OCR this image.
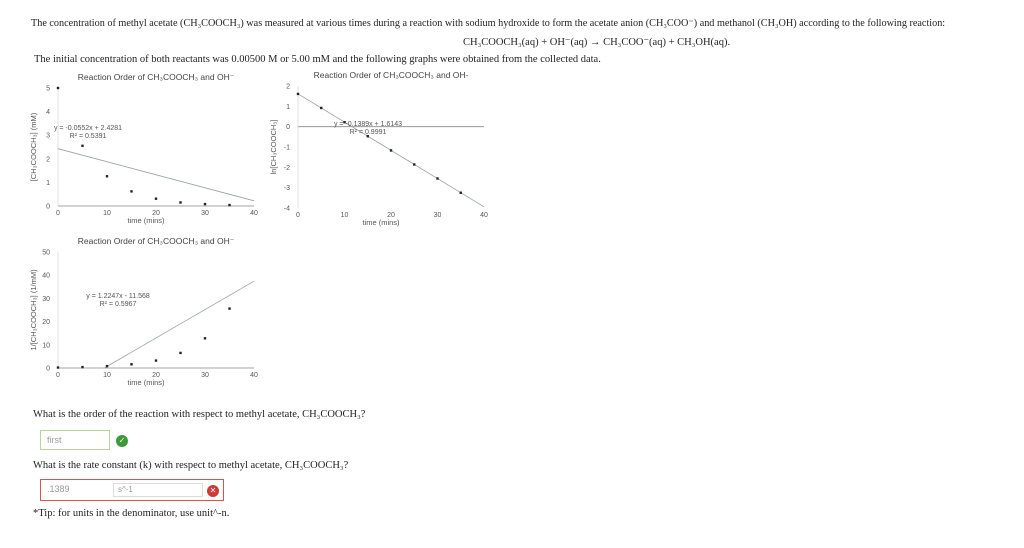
The concentration of methyl acetate (CH₃COOCH₃) was measured at various times during a reaction with sodium hydroxide to form the acetate anion (CH₃COO⁻) and methanol (CH₃OH) according to the following reaction:
CH₃COOCH₃(aq) + OH⁻(aq) → CH₃COO⁻(aq) + CH₃OH(aq).
The initial concentration of both reactants was 0.00500 M or 5.00 mM and the following graphs were obtained from the collected data.
Reaction Order of CH₃COOCH₃ and OH⁻
0	10	20	30	40
0
1
2
3
4
5
time (mins)
[CH₃COOCH₃] (mM) y = -0.0552x + 2.4281
R² = 0.5391
Reaction Order of CH₃COOCH₃ and OH-
0	10	20	30	40
-4
-3
-2
-1
0
1
2
time (mins)
ln[CH₃COOCH₃]	y = -0.1389x + 1.6143
R² = 0.9991
Reaction Order of CH₃COOCH₃ and OH⁻
0	10	20	30	40
0
10
20
30
40
50
time (mins)
1/[CH₃COOCH₃] (1/mM)	y = 1.2247x - 11.568
R² = 0.5967
What is the order of the reaction with respect to methyl acetate, CH₃COOCH₃?
first	✓
What is the rate constant (k) with respect to methyl acetate, CH₃COOCH₃?
.1389	s^-1	✕
*Tip: for units in the denominator, use unit^-n.
